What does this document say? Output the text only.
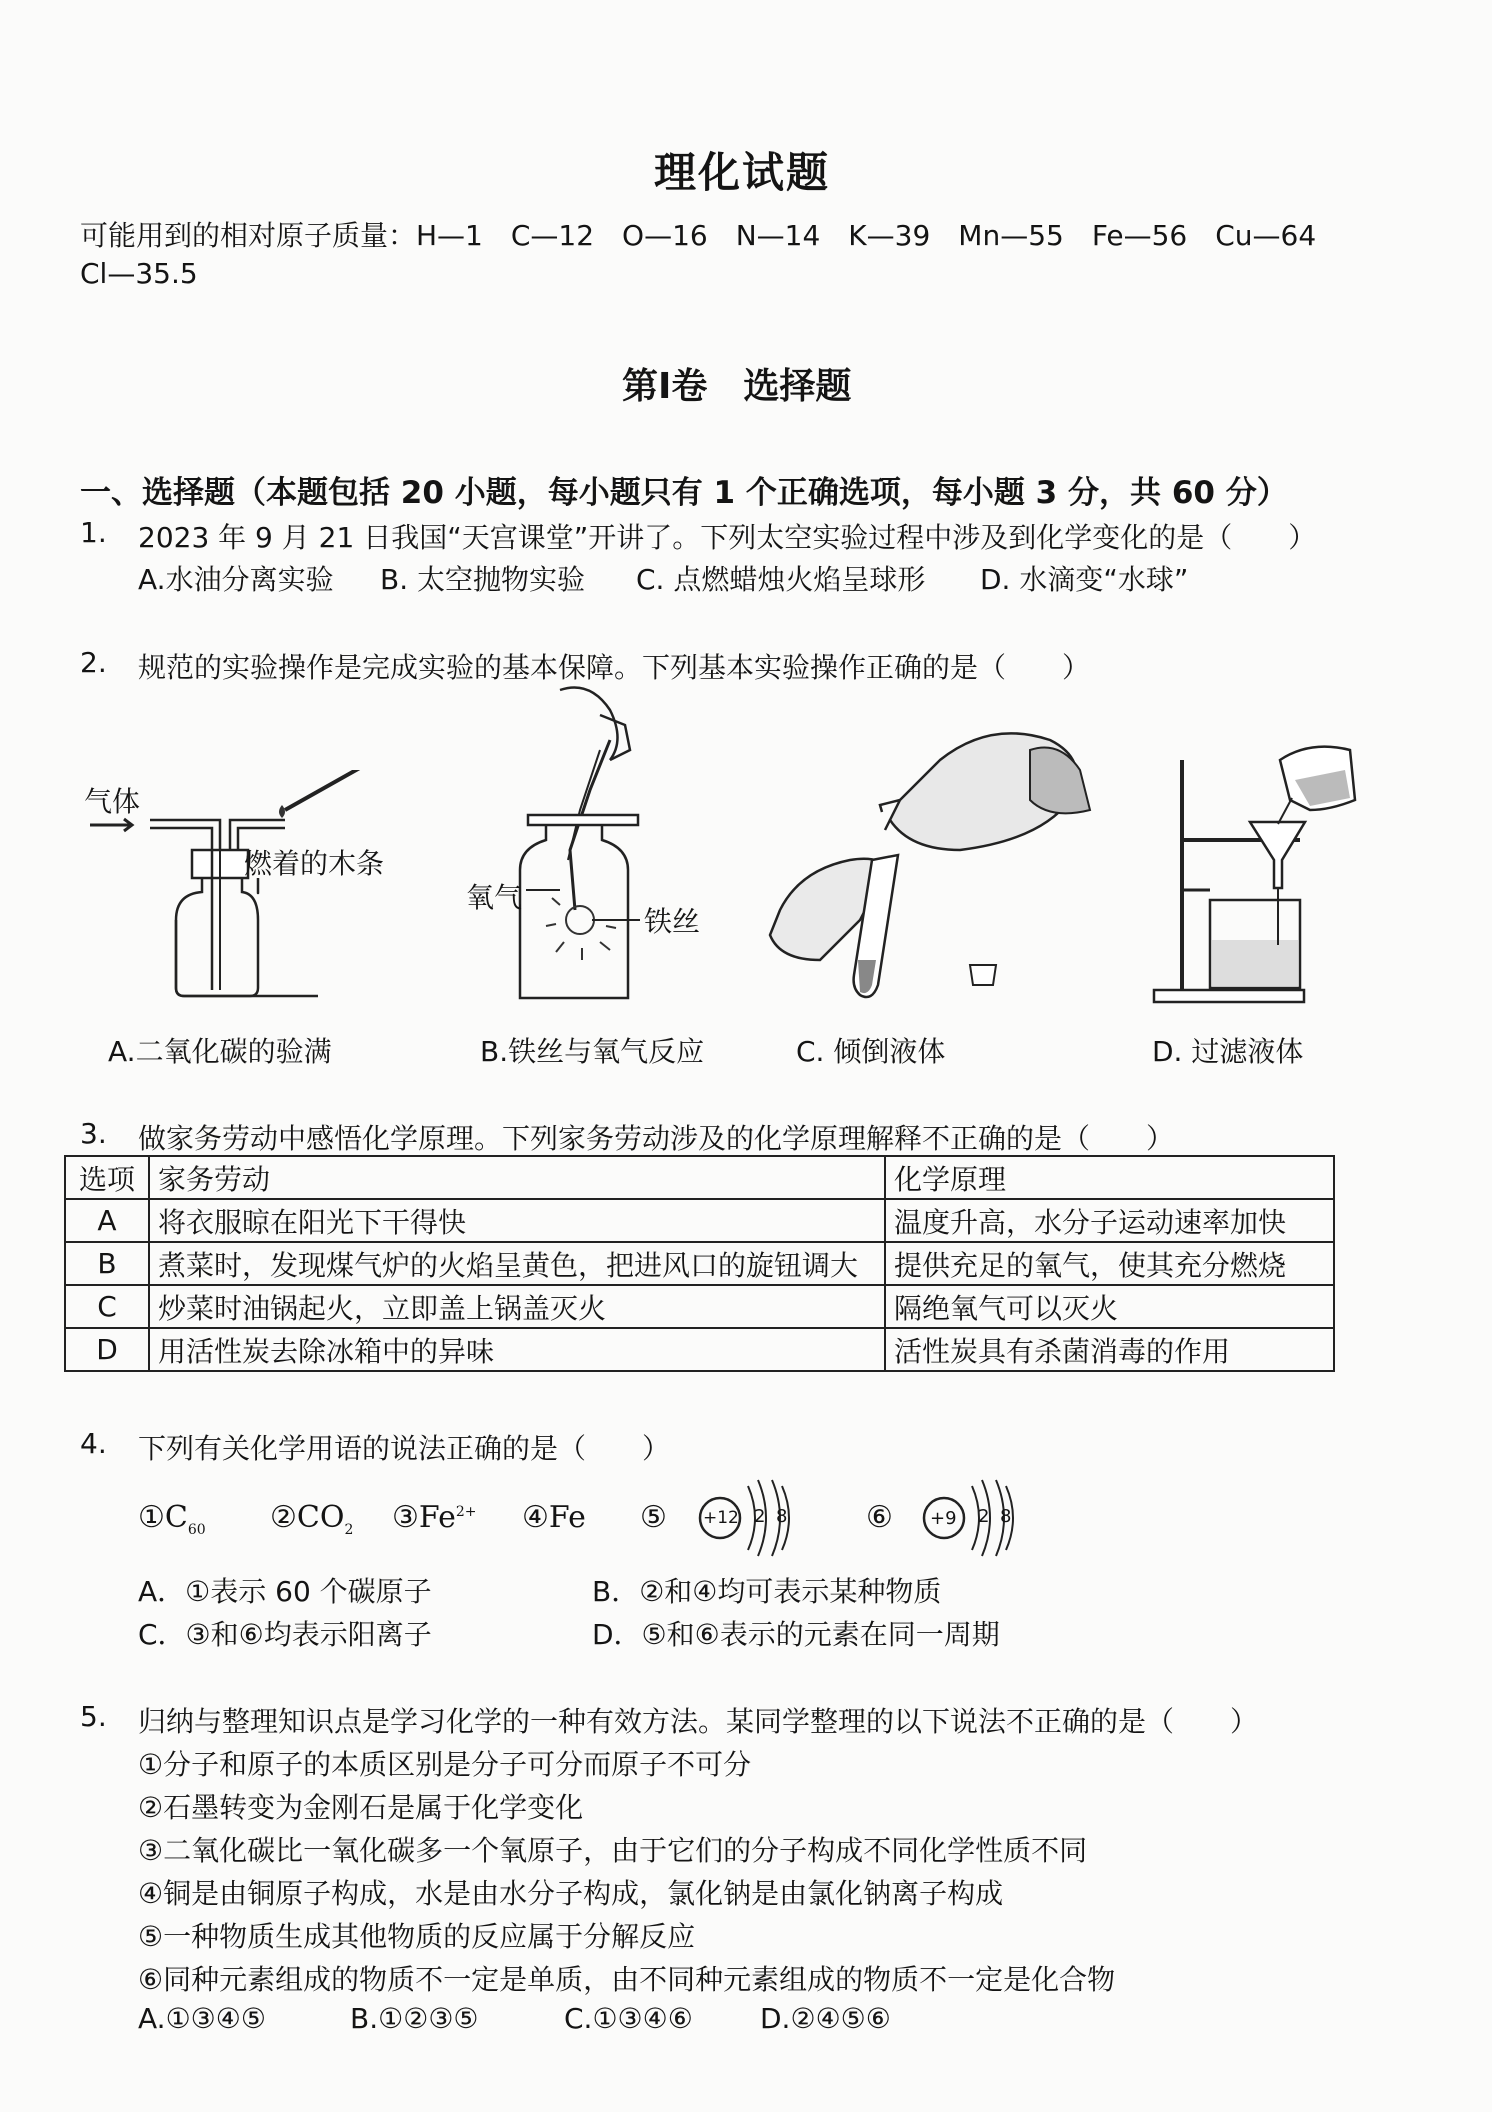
理化试题
可能用到的相对原子质量：H—1　C—12　O—16　N—14　K—39　Mn—55　Fe—56　Cu—64
Cl—35.5
第Ⅰ卷　选择题
一、选择题（本题包括 20 小题，每小题只有 1 个正确选项，每小题 3 分，共 60 分）
1. 2023 年 9 月 21 日我国“天宫课堂”开讲了。下列太空实验过程中涉及到化学变化的是（　　）
A.水油分离实验 B. 太空抛物实验 C. 点燃蜡烛火焰呈球形 D. 水滴变“水球”
2. 规范的实验操作是完成实验的基本保障。下列基本实验操作正确的是（　　）
气体
燃着的木条
氧气
铁丝
A.二氧化碳的验满	B.铁丝与氧气反应	C. 倾倒液体	D. 过滤液体
3. 做家务劳动中感悟化学原理。下列家务劳动涉及的化学原理解释不正确的是（　　）
选项	家务劳动	化学原理
A	将衣服晾在阳光下干得快	温度升高，水分子运动速率加快
B	煮菜时，发现煤气炉的火焰呈黄色，把进风口的旋钮调大	提供充足的氧气，使其充分燃烧
C	炒菜时油锅起火，立即盖上锅盖灭火	隔绝氧气可以灭火
D	用活性炭去除冰箱中的异味	活性炭具有杀菌消毒的作用
4. 下列有关化学用语的说法正确的是（　　）
$①C_{60}$ $②CO_2$ $③Fe^{2+}$ ④Fe ⑤	⑥
+12 2 8	+9 2 8
A．①表示 60 个碳原子	B．②和④均可表示某种物质
C．③和⑥均表示阳离子	D．⑤和⑥表示的元素在同一周期
5. 归纳与整理知识点是学习化学的一种有效方法。某同学整理的以下说法不正确的是（　　）
①分子和原子的本质区别是分子可分而原子不可分
②石墨转变为金刚石是属于化学变化
③二氧化碳比一氧化碳多一个氧原子，由于它们的分子构成不同化学性质不同
④铜是由铜原子构成，水是由水分子构成，氯化钠是由氯化钠离子构成
⑤一种物质生成其他物质的反应属于分解反应
⑥同种元素组成的物质不一定是单质，由不同种元素组成的物质不一定是化合物
A.①③④⑤	B.①②③⑤	C.①③④⑥ D.②④⑤⑥
